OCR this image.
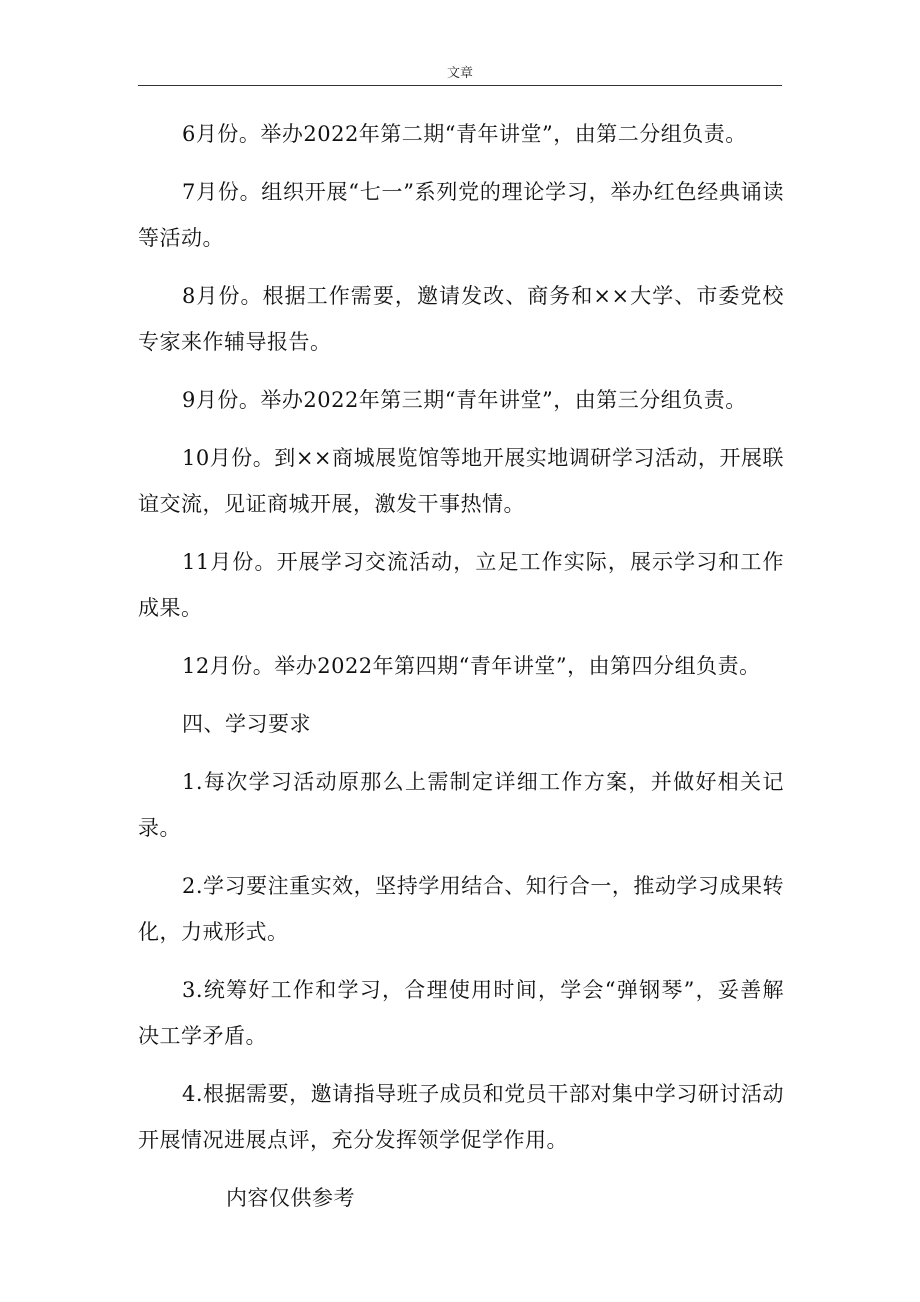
文章

6月份。举办2022年第二期“青年讲堂”，由第二分组负责。

7月份。组织开展“七一”系列党的理论学习，举办红色经典诵读等活动。

8月份。根据工作需要，邀请发改、商务和××大学、市委党校专家来作辅导报告。

9月份。举办2022年第三期“青年讲堂”，由第三分组负责。

10月份。到××商城展览馆等地开展实地调研学习活动，开展联谊交流，见证商城开展，激发干事热情。

11月份。开展学习交流活动，立足工作实际，展示学习和工作成果。

12月份。举办2022年第四期“青年讲堂”，由第四分组负责。

四、学习要求

1.每次学习活动原那么上需制定详细工作方案，并做好相关记录。

2.学习要注重实效，坚持学用结合、知行合一，推动学习成果转化，力戒形式。

3.统筹好工作和学习，合理使用时间，学会“弹钢琴”，妥善解决工学矛盾。

4.根据需要，邀请指导班子成员和党员干部对集中学习研讨活动开展情况进展点评，充分发挥领学促学作用。

内容仅供参考
